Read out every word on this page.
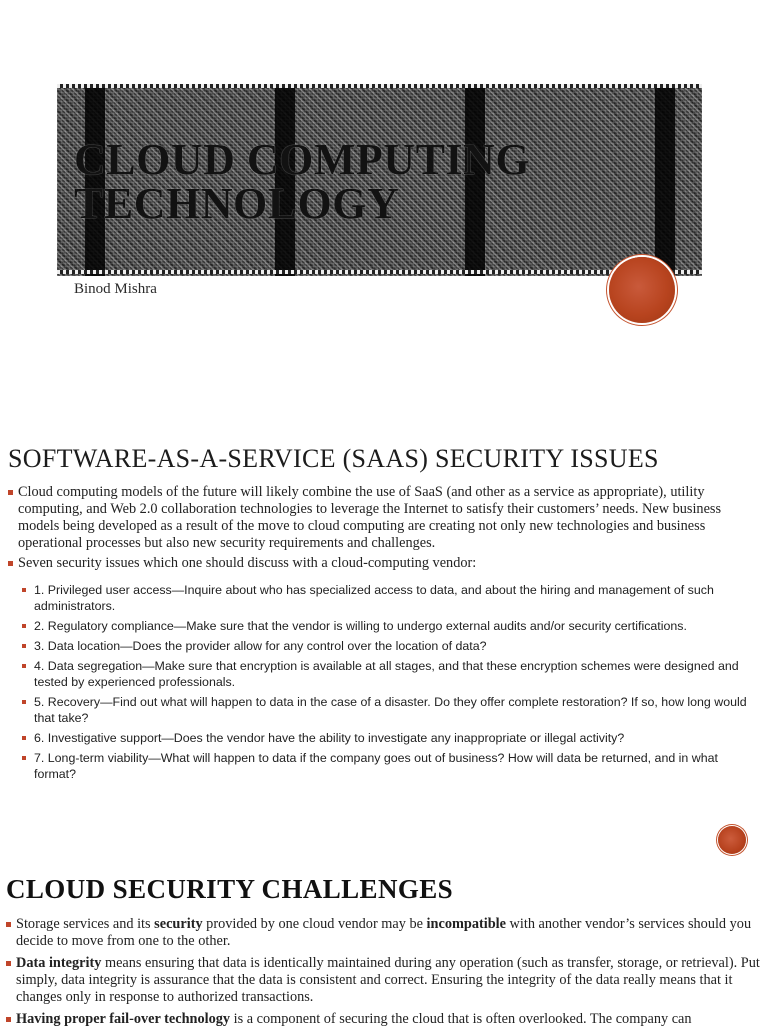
CLOUD COMPUTING
TECHNOLOGY
Binod Mishra
SOFTWARE-AS-A-SERVICE (SAAS) SECURITY ISSUES
Cloud computing models of the future will likely combine the use of SaaS (and other as a service as appropriate), utility computing, and Web 2.0 collaboration technologies to leverage the Internet to satisfy their customers’ needs. New business models being developed as a result of the move to cloud computing are creating not only new technologies and business operational processes but also new security requirements and challenges.
Seven security issues which one should discuss with a cloud-computing vendor:
1. Privileged user access—Inquire about who has specialized access to data, and about the hiring and management of such administrators.
2. Regulatory compliance—Make sure that the vendor is willing to undergo external audits and/or security certifications.
3. Data location—Does the provider allow for any control over the location of data?
4. Data segregation—Make sure that encryption is available at all stages, and that these encryption schemes were designed and tested by experienced professionals.
5. Recovery—Find out what will happen to data in the case of a disaster. Do they offer complete restoration? If so, how long would that take?
6. Investigative support—Does the vendor have the ability to investigate any inappropriate or illegal activity?
7. Long-term viability—What will happen to data if the company goes out of business? How will data be returned, and in what format?
CLOUD SECURITY CHALLENGES
Storage services and its security provided by one cloud vendor may be incompatible with another vendor’s services should you decide to move from one to the other.
Data integrity means ensuring that data is identically maintained during any operation (such as transfer, storage, or retrieval). Put simply, data integrity is assurance that the data is consistent and correct. Ensuring the integrity of the data really means that it changes only in response to authorized transactions.
Having proper fail-over technology is a component of securing the cloud that is often overlooked. The company can
